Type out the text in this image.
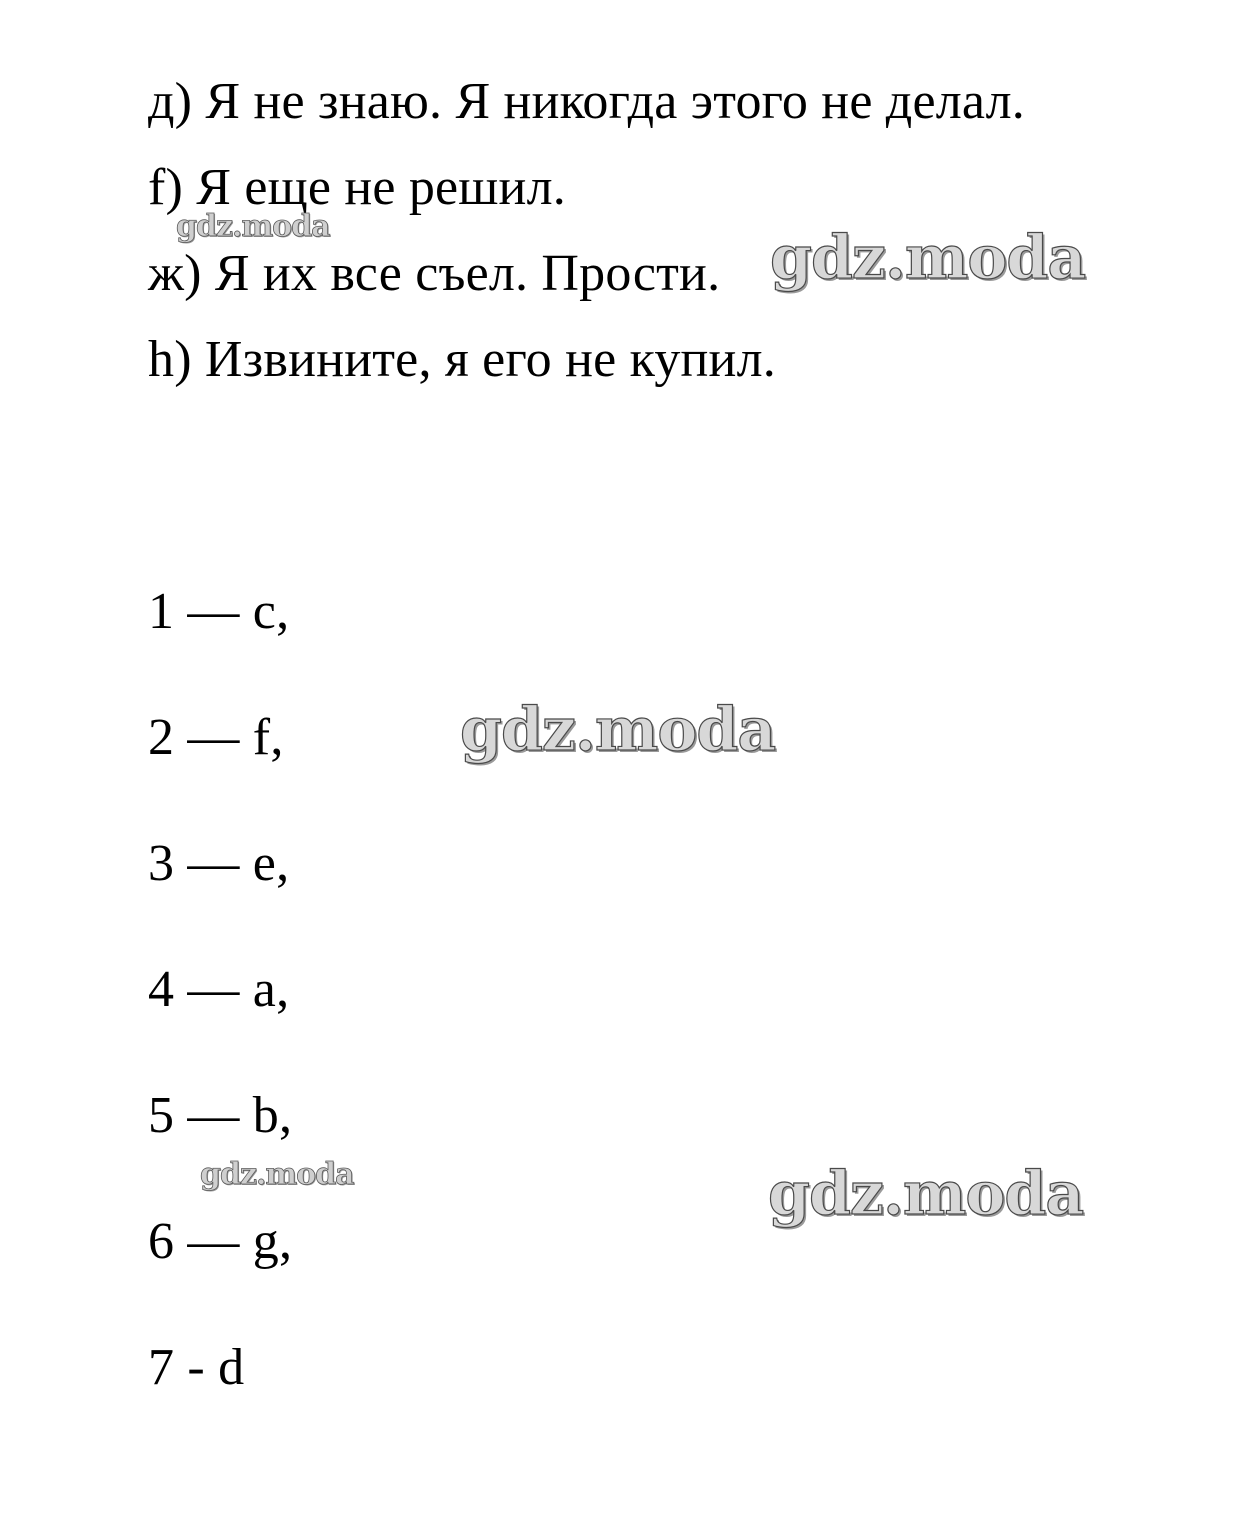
д) Я не знаю. Я никогда этого не делал.
f) Я еще не решил.
ж) Я их все съел. Прости.
h) Извините, я его не купил.
1 — c,
2 — f,
3 — e,
4 — a,
5 — b,
6 — g,
7 - d
gdz.moda	gdz.moda
gdz.moda
gdz.moda	gdz.moda
